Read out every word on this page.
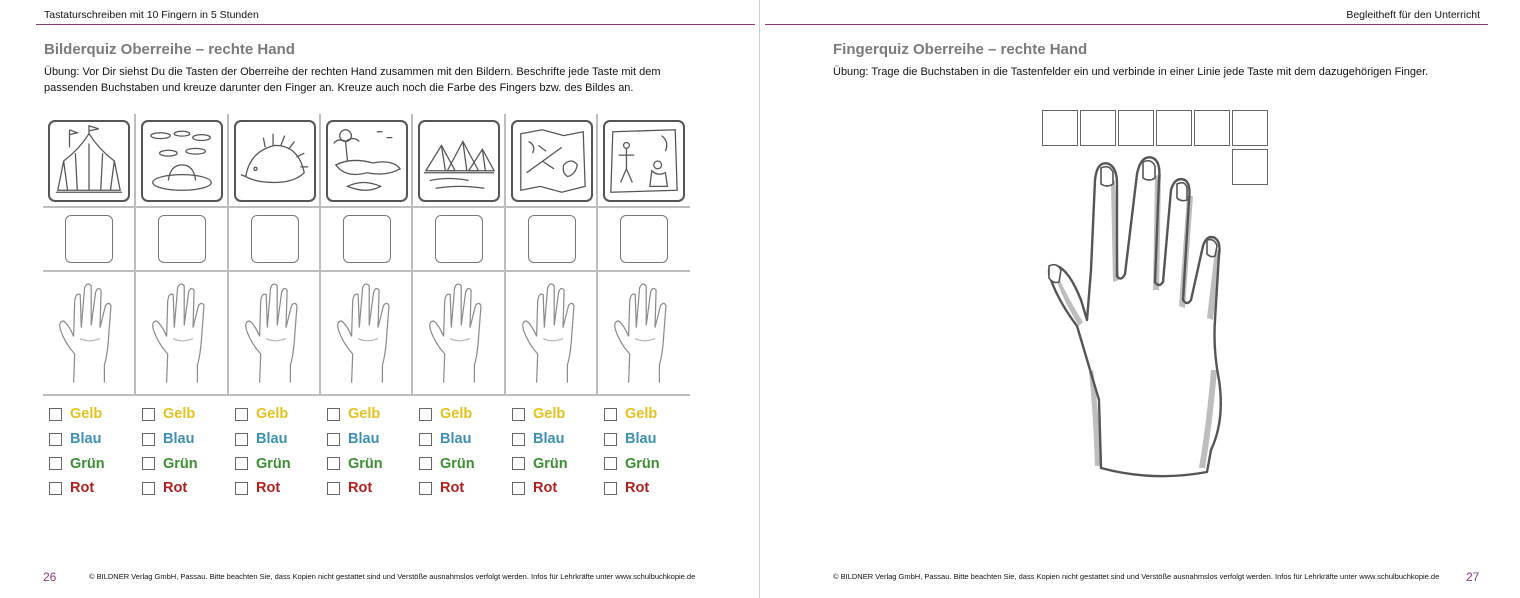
Tastaturschreiben mit 10 Fingern in 5 Stunden
Bilderquiz Oberreihe – rechte Hand
Übung: Vor Dir siehst Du die Tasten der Oberreihe der rechten Hand zusammen mit den Bildern. Beschrifte jede Taste mit dem passenden Buchstaben und kreuze darunter den Finger an. Kreuze auch noch die Farbe des Fingers bzw. des Bildes an.
Gelb
Blau
Grün
Rot
Gelb
Blau
Grün
Rot
Gelb
Blau
Grün
Rot
Gelb
Blau
Grün
Rot
Gelb
Blau
Grün
Rot
Gelb
Blau
Grün
Rot
Gelb
Blau
Grün
Rot
26	© BILDNER Verlag GmbH, Passau. Bitte beachten Sie, dass Kopien nicht gestattet sind und Verstöße ausnahmslos verfolgt werden. Infos für Lehrkräfte unter www.schulbuchkopie.de
Begleitheft für den Unterricht
Fingerquiz Oberreihe – rechte Hand
Übung: Trage die Buchstaben in die Tastenfelder ein und verbinde in einer Linie jede Taste mit dem dazugehörigen Finger.
© BILDNER Verlag GmbH, Passau. Bitte beachten Sie, dass Kopien nicht gestattet sind und Verstöße ausnahmslos verfolgt werden. Infos für Lehrkräfte unter www.schulbuchkopie.de 27
